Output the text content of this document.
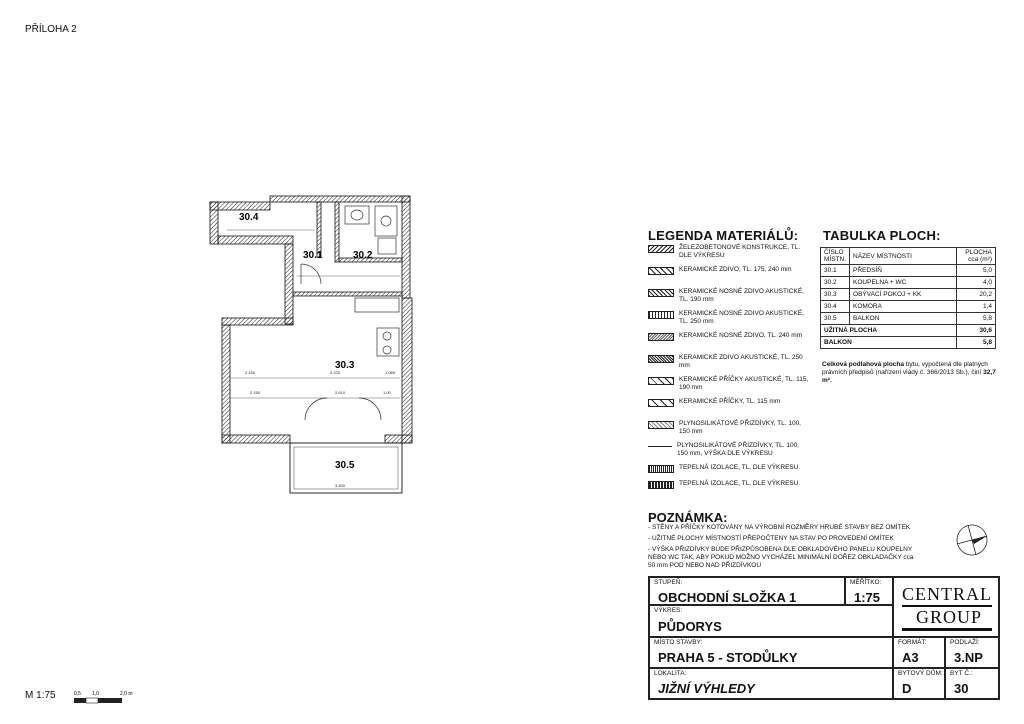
PŘÍLOHA 2
2.160	3.225	1.065
2.150	2.610	1.00
3.400
30.4
30.1	30.2
30.3
30.5
LEGENDA MATERIÁLŮ:
ŽELEZOBETONOVÉ KONSTRUKCE, TL. DLE VÝKRESU
KERAMICKÉ ZDIVO, TL. 175, 240 mm
KERAMICKÉ NOSNÉ ZDIVO AKUSTICKÉ, TL. 190 mm
KERAMICKÉ NOSNÉ ZDIVO AKUSTICKÉ, TL. 250 mm
KERAMICKÉ NOSNÉ ZDIVO, TL. 240 mm
KERAMICKÉ ZDIVO AKUSTICKÉ, TL. 250 mm
KERAMICKÉ PŘÍČKY AKUSTICKÉ, TL. 115, 190 mm
KERAMICKÉ PŘÍČKY, TL. 115 mm
PLYNOSILIKÁTOVÉ PŘIZDÍVKY, TL. 100, 150 mm
PLYNOSILIKÁTOVÉ PŘIZDÍVKY, TL. 100, 150 mm, VÝŠKA DLE VÝKRESU
TEPELNÁ IZOLACE, TL. DLE VÝKRESU
TEPELNÁ IZOLACE, TL. DLE VÝKRESU
TABULKA PLOCH:
ČÍSLO MÍSTN.	NÁZEV MÍSTNOSTI	PLOCHA cca (m²)
30.1	PŘEDSÍŇ	5,0
30.2	KOUPELNA + WC	4,0
30.3	OBÝVACÍ POKOJ + KK	20,2
30.4	KOMORA	1,4
30.5	BALKON	5,8
UŽITNÁ PLOCHA		30,6
BALKON		5,8
Celková podlahová plocha bytu, vypočtená dle platných právních předpisů (nařízení vlády č. 366/2013 Sb.), činí 32,7 m².
POZNÁMKA:
- STĚNY A PŘÍČKY KÓTOVÁNY NA VÝROBNÍ ROZMĚRY HRUBÉ STAVBY BEZ OMÍTEK
- UŽITNÉ PLOCHY MÍSTNOSTÍ PŘEPOČTENY NA STAV PO PROVEDENÍ OMÍTEK
- VÝŠKA PŘIZDÍVKY BUDE PŘIZPŮSOBENA DLE OBKLADOVÉHO PANELU KOUPELNY NEBO WC TAK, ABY POKUD MOŽNO VYCHÁZEL MINIMÁLNÍ DOŘEZ OBKLADAČKY cca 50 mm POD NEBO NAD PŘIZDÍVKOU
STUPEŇ:
OBCHODNÍ SLOŽKA 1
MĚŘÍTKO:
1:75 CENTRAL
GROUP
VÝKRES:
PŮDORYS
MÍSTO STAVBY:
PRAHA 5 - STODŮLKY
FORMÁT:
A3
PODLAŽÍ:
3.NP
LOKALITA:
JIŽNÍ VÝHLEDY
BYTOVÝ DŮM:
D
BYT Č.:
30
M 1:75	0,5 1,0	2,0 m
